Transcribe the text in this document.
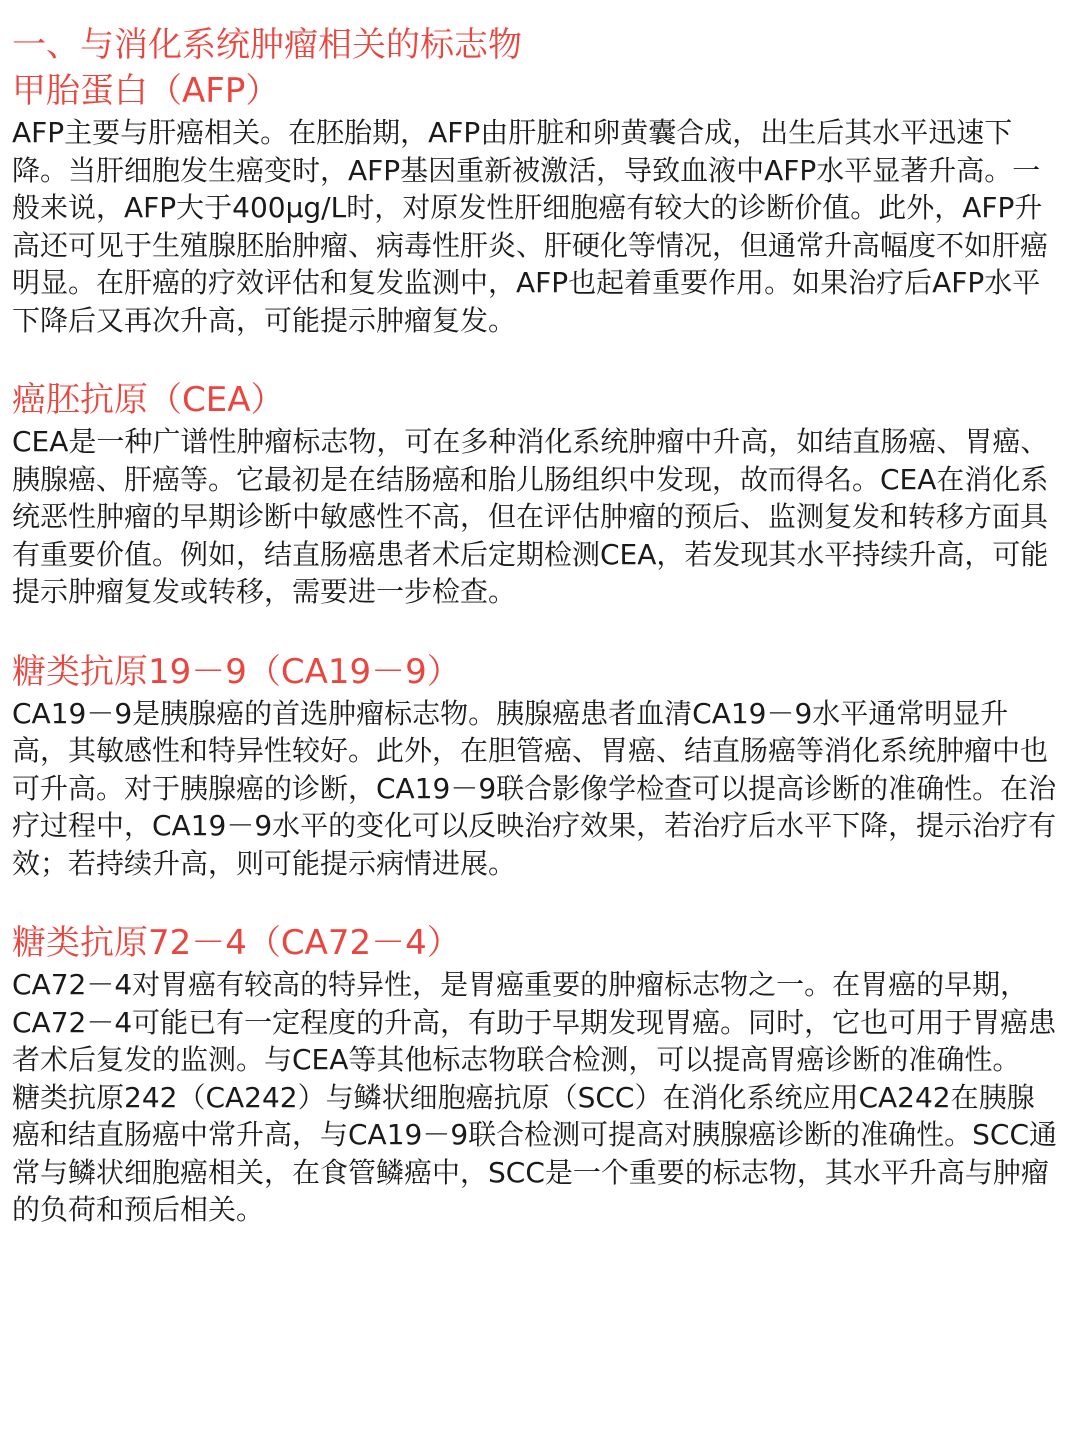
一、与消化系统肿瘤相关的标志物
甲胎蛋白（AFP）

AFP主要与肝癌相关。在胚胎期，AFP由肝脏和卵黄囊合成，出生后其水平迅速下降。当肝细胞发生癌变时，AFP基因重新被激活，导致血液中AFP水平显著升高。一般来说，AFP大于400μg/L时，对原发性肝细胞癌有较大的诊断价值。此外，AFP升高还可见于生殖腺胚胎肿瘤、病毒性肝炎、肝硬化等情况，但通常升高幅度不如肝癌明显。在肝癌的疗效评估和复发监测中，AFP也起着重要作用。如果治疗后AFP水平下降后又再次升高，可能提示肿瘤复发。

癌胚抗原（CEA）

CEA是一种广谱性肿瘤标志物，可在多种消化系统肿瘤中升高，如结直肠癌、胃癌、胰腺癌、肝癌等。它最初是在结肠癌和胎儿肠组织中发现，故而得名。CEA在消化系统恶性肿瘤的早期诊断中敏感性不高，但在评估肿瘤的预后、监测复发和转移方面具有重要价值。例如，结直肠癌患者术后定期检测CEA，若发现其水平持续升高，可能提示肿瘤复发或转移，需要进一步检查。

糖类抗原19－9（CA19－9）

CA19－9是胰腺癌的首选肿瘤标志物。胰腺癌患者血清CA19－9水平通常明显升高，其敏感性和特异性较好。此外，在胆管癌、胃癌、结直肠癌等消化系统肿瘤中也可升高。对于胰腺癌的诊断，CA19－9联合影像学检查可以提高诊断的准确性。在治疗过程中，CA19－9水平的变化可以反映治疗效果，若治疗后水平下降，提示治疗有效；若持续升高，则可能提示病情进展。

糖类抗原72－4（CA72－4）

CA72－4对胃癌有较高的特异性，是胃癌重要的肿瘤标志物之一。在胃癌的早期，CA72－4可能已有一定程度的升高，有助于早期发现胃癌。同时，它也可用于胃癌患者术后复发的监测。与CEA等其他标志物联合检测，可以提高胃癌诊断的准确性。

糖类抗原242（CA242）与鳞状细胞癌抗原（SCC）在消化系统应用CA242在胰腺癌和结直肠癌中常升高，与CA19－9联合检测可提高对胰腺癌诊断的准确性。SCC通常与鳞状细胞癌相关，在食管鳞癌中，SCC是一个重要的标志物，其水平升高与肿瘤的负荷和预后相关。
